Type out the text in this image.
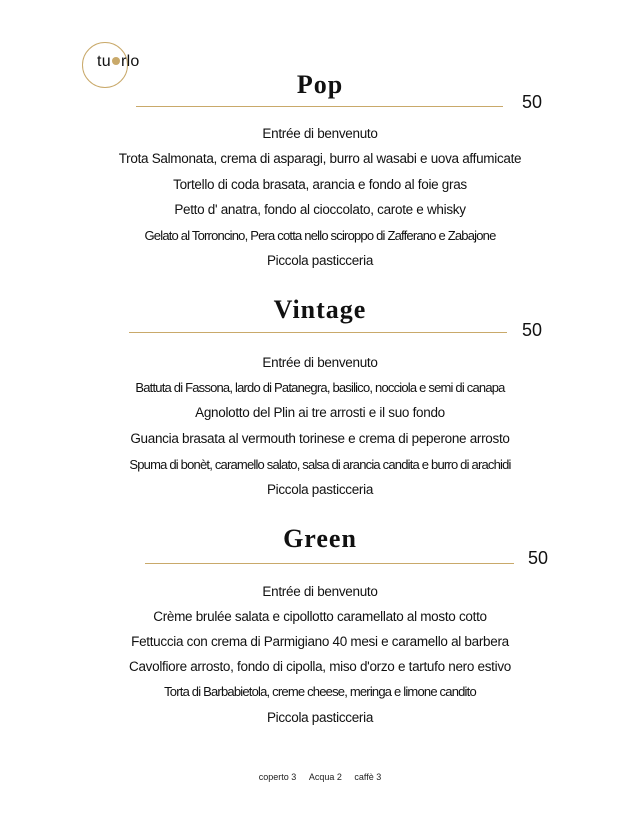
tu rlo
Pop
50
Entrée di benvenuto
Trota Salmonata, crema di asparagi, burro al wasabi e uova affumicate
Tortello di coda brasata, arancia e fondo al foie gras
Petto d' anatra, fondo al cioccolato, carote e whisky
Gelato al Torroncino, Pera cotta nello sciroppo di Zafferano e Zabajone
Piccola pasticceria
Vintage
50
Entrée di benvenuto
Battuta di Fassona, lardo di Patanegra, basilico, nocciola e semi di canapa
Agnolotto del Plin ai tre arrosti e il suo fondo
Guancia brasata al vermouth torinese e crema di peperone arrosto
Spuma di bonèt, caramello salato, salsa di arancia candita e burro di arachidi
Piccola pasticceria
Green
50
Entrée di benvenuto
Crème brulée salata e cipollotto caramellato al mosto cotto
Fettuccia con crema di Parmigiano 40 mesi e caramello al barbera
Cavolfiore arrosto, fondo di cipolla, miso d'orzo e tartufo nero estivo
Torta di Barbabietola, creme cheese, meringa e limone candito
Piccola pasticceria
coperto 3 Acqua 2 caffè 3
